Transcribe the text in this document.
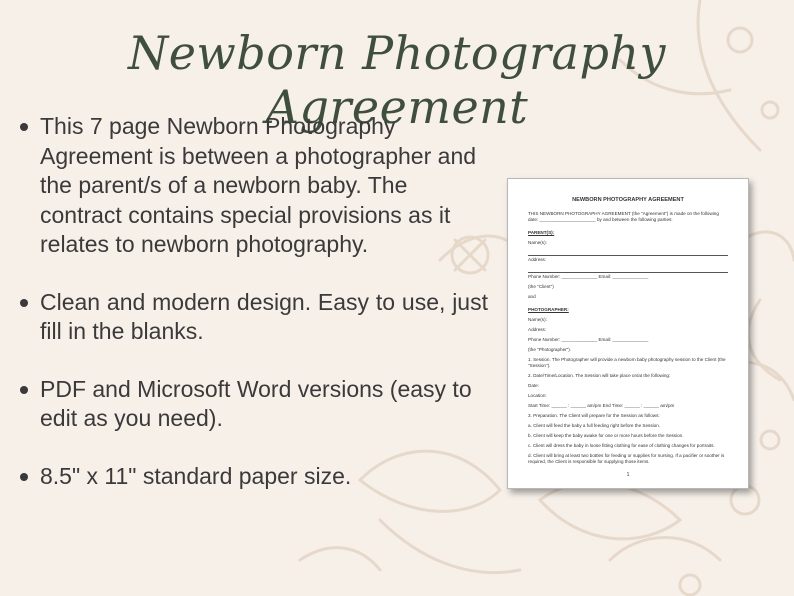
Newborn Photography Agreement
This 7 page Newborn Photography Agreement is between a photographer and the parent/s of a newborn baby. The contract contains special provisions as it relates to newborn photography.
Clean and modern design. Easy to use, just fill in the blanks.
PDF and Microsoft Word versions (easy to edit as you need).
8.5" x 11" standard paper size.
NEWBORN PHOTOGRAPHY AGREEMENT

THIS NEWBORN PHOTOGRAPHY AGREEMENT (the "Agreement") is made on the following date: ______________________ by and between the following parties:

PARENT(S):

Name(s):

Address:

Phone Number: ______________ Email: ______________

(the "Client")

and

PHOTOGRAPHER:

Name(s):

Address:

Phone Number: ______________ Email: ______________

(the "Photographer").

1. Session. The Photographer will provide a newborn baby photography session to the Client (the "Session").

2. Date/Time/Location. The Session will take place on/at the following:

Date:

Location:

Start Time: ______ : ______ am/pm End Time: ______ : ______ am/pm

3. Preparation. The Client will prepare for the Session as follows:

a. Client will feed the baby a full feeding right before the Session.

b. Client will keep the baby awake for one or more hours before the Session.

c. Client will dress the baby in loose fitting clothing for ease of clothing changes for portraits.

d. Client will bring at least two bottles for feeding or supplies for nursing. If a pacifier or soother is required, the Client is responsible for supplying those items.

1
